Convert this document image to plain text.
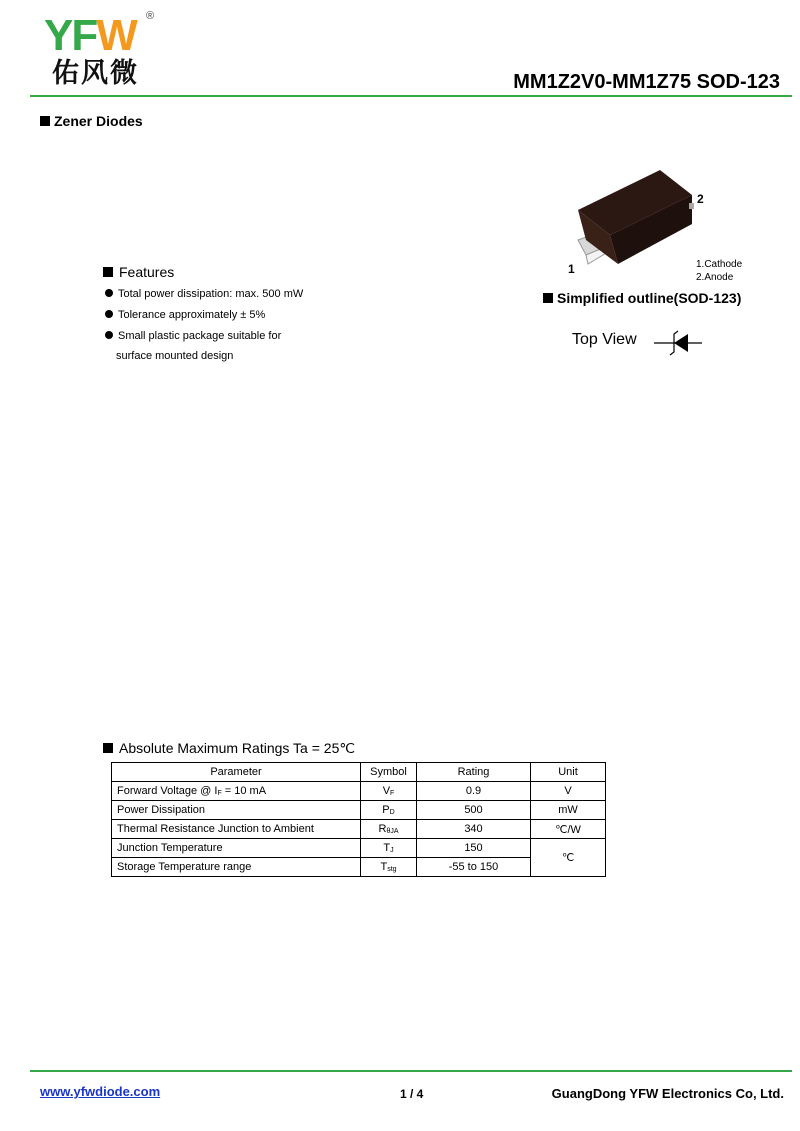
YFW ®
佑风微	MM1Z2V0-MM1Z75 SOD-123
Zener Diodes
Features
Total power dissipation: max. 500 mW
Tolerance approximately ± 5%
Small plastic package suitable for
surface mounted design
2
1	1.Cathode
2.Anode
Simplified outline(SOD-123)
Top View
Absolute Maximum Ratings Ta = 25℃
Parameter	Symbol	Rating	Unit
Forward Voltage @ $I_F = 10$ mA	$V_F$	0.9	V
Power Dissipation	$P_D$	500	mW
Thermal Resistance Junction to Ambient	$R_{\theta JA}$	340	℃/W
Junction Temperature	$T_J$	150	℃
Storage Temperature range	$T_{stg}$	-55 to 150	
www.yfwdiode.com	1 / 4	GuangDong YFW Electronics Co, Ltd.
